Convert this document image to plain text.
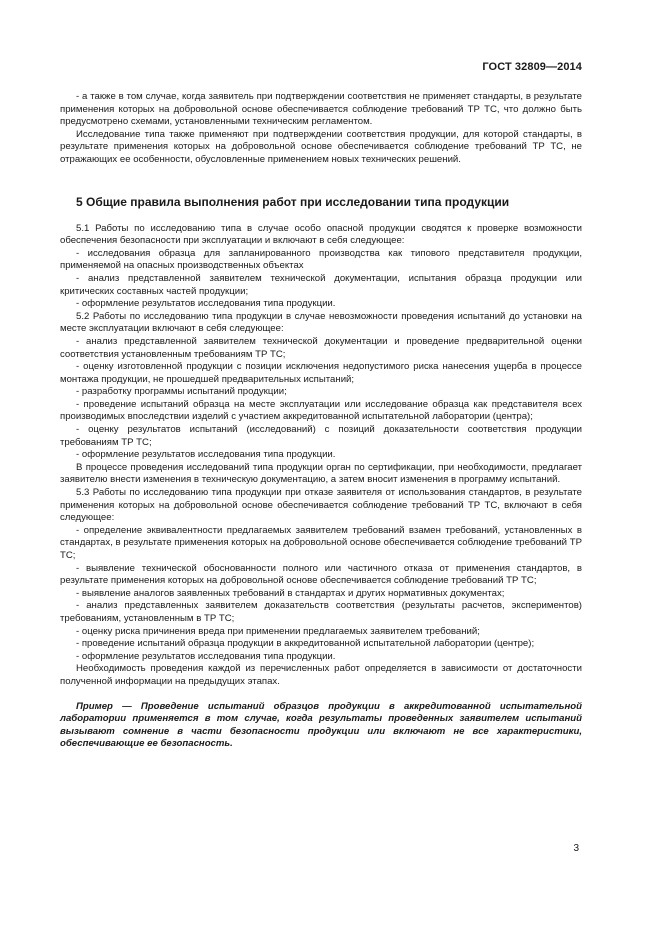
ГОСТ 32809—2014

- а также в том случае, когда заявитель при подтверждении соответствия не применяет стандарты, в результате применения которых на добровольной основе обеспечивается соблюдение требований ТР ТС, что должно быть предусмотрено схемами, установленными техническим регламентом.

Исследование типа также применяют при подтверждении соответствия продукции, для которой стандарты, в результате применения которых на добровольной основе обеспечивается соблюдение требований ТР ТС, не отражающих ее особенности, обусловленные применением новых технических решений.

5 Общие правила выполнения работ при исследовании типа продукции

5.1 Работы по исследованию типа в случае особо опасной продукции сводятся к проверке возможности обеспечения безопасности при эксплуатации и включают в себя следующее:

- исследования образца для запланированного производства как типового представителя продукции, применяемой на опасных производственных объектах

- анализ представленной заявителем технической документации, испытания образца продукции или критических составных частей продукции;

- оформление результатов исследования типа продукции.

5.2 Работы по исследованию типа продукции в случае невозможности проведения испытаний до установки на месте эксплуатации включают в себя следующее:

- анализ представленной заявителем технической документации и проведение предварительной оценки соответствия установленным требованиям ТР ТС;

- оценку изготовленной продукции с позиции исключения недопустимого риска нанесения ущерба в процессе монтажа продукции, не прошедшей предварительных испытаний;

- разработку программы испытаний продукции;

- проведение испытаний образца на месте эксплуатации или исследование образца как представителя всех производимых впоследствии изделий с участием аккредитованной испытательной лаборатории (центра);

- оценку результатов испытаний (исследований) с позиций доказательности соответствия продукции требованиям ТР ТС;

- оформление результатов исследования типа продукции.

В процессе проведения исследований типа продукции орган по сертификации, при необходимости, предлагает заявителю внести изменения в техническую документацию, а затем вносит изменения в программу испытаний.

5.3 Работы по исследованию типа продукции при отказе заявителя от использования стандартов, в результате применения которых на добровольной основе обеспечивается соблюдение требований ТР ТС, включают в себя следующее:

- определение эквивалентности предлагаемых заявителем требований взамен требований, установленных в стандартах, в результате применения которых на добровольной основе обеспечивается соблюдение требований ТР ТС;

- выявление технической обоснованности полного или частичного отказа от применения стандартов, в результате применения которых на добровольной основе обеспечивается соблюдение требований ТР ТС;

- выявление аналогов заявленных требований в стандартах и других нормативных документах;

- анализ представленных заявителем доказательств соответствия (результаты расчетов, экспериментов) требованиям, установленным в ТР ТС;

- оценку риска причинения вреда при применении предлагаемых заявителем требований;

- проведение испытаний образца продукции в аккредитованной испытательной лаборатории (центре);

- оформление результатов исследования типа продукции.

Необходимость проведения каждой из перечисленных работ определяется в зависимости от достаточности полученной информации на предыдущих этапах.

Пример — Проведение испытаний образцов продукции в аккредитованной испытательной лаборатории применяется в том случае, когда результаты проведенных заявителем испытаний вызывают сомнение в части безопасности продукции или включают не все характеристики, обеспечивающие ее безопасность.

3
